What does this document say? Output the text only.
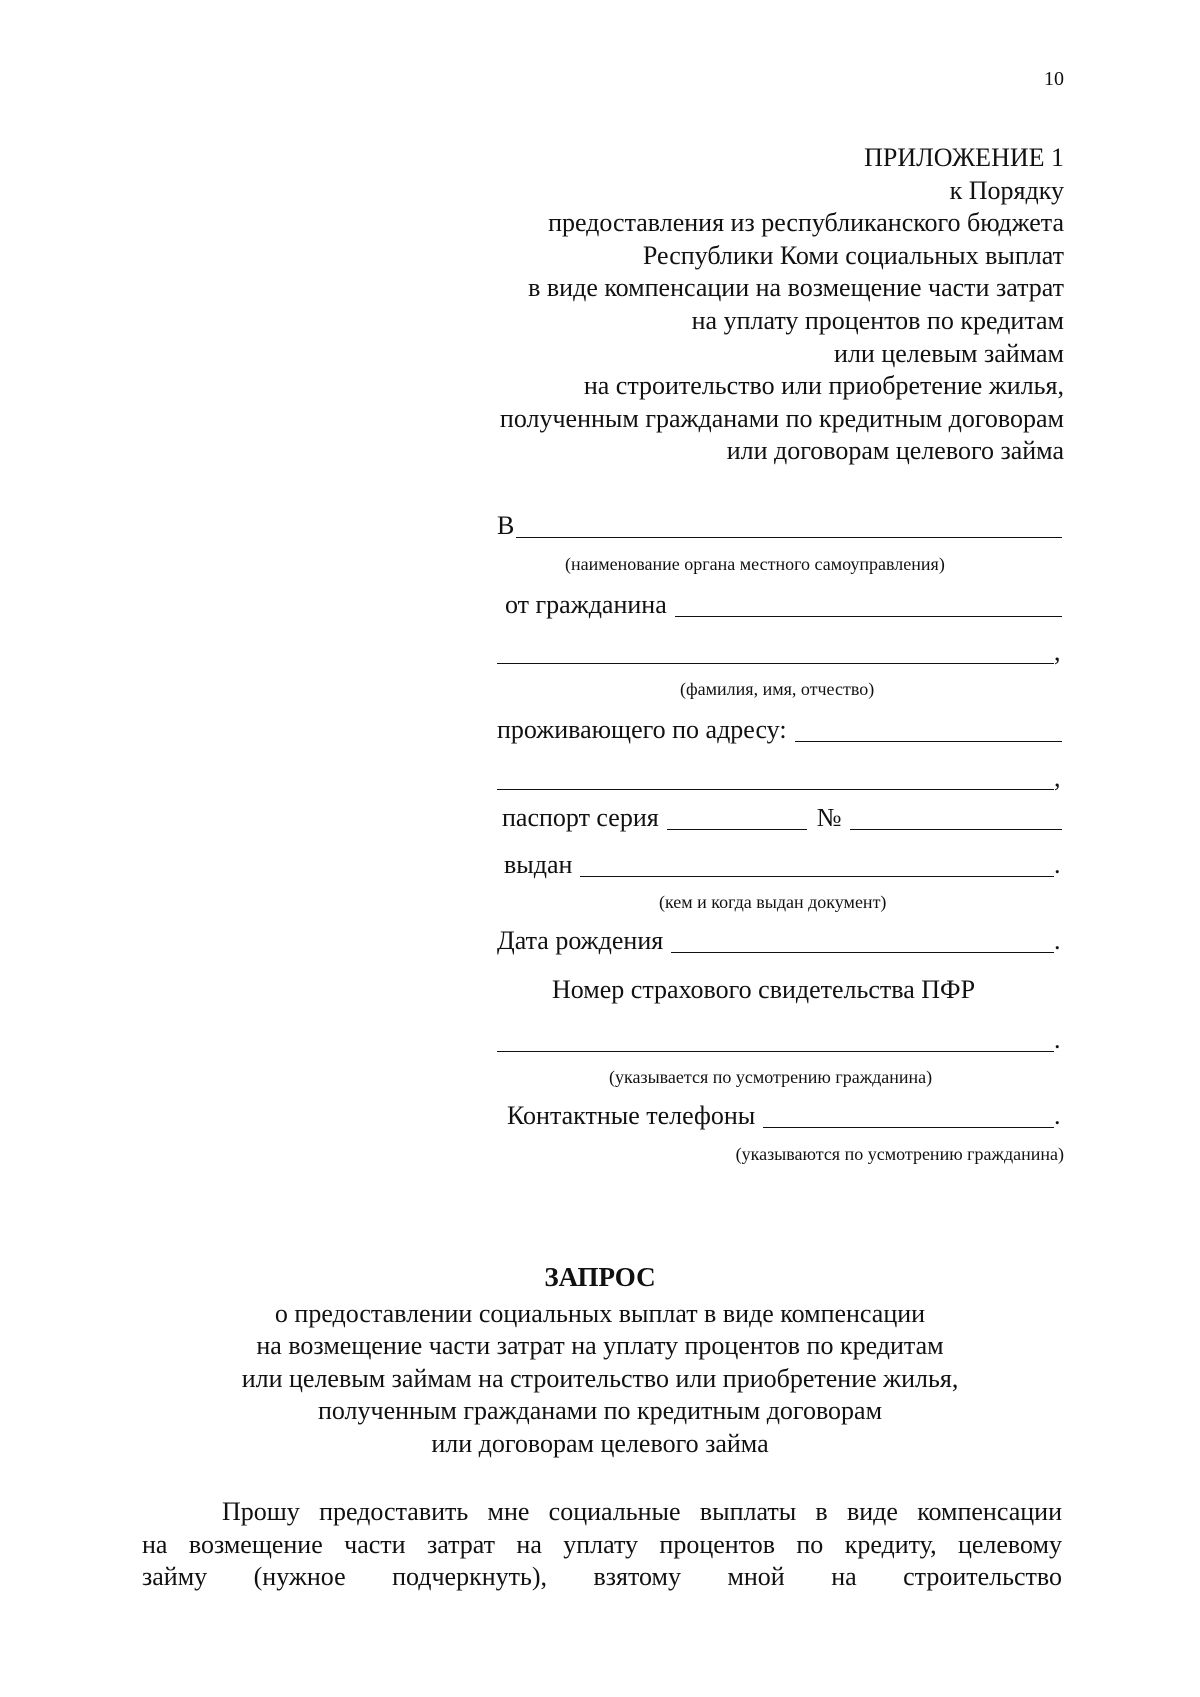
10
ПРИЛОЖЕНИЕ 1
к Порядку
предоставления из республиканского бюджета
Республики Коми социальных выплат
в виде компенсации на возмещение части затрат
на уплату процентов по кредитам
или целевым займам
на строительство или приобретение жилья,
полученным гражданами по кредитным договорам
или договорам целевого займа
В
(наименование органа местного самоуправления)
от гражданина
,
(фамилия, имя, отчество)
проживающего по адресу:
,
паспорт серия	№
выдан	.
(кем и когда выдан документ)
Дата рождения	.
Номер страхового свидетельства ПФР
.
(указывается по усмотрению гражданина)
Контактные телефоны	.
(указываются по усмотрению гражданина)
ЗАПРОС
о предоставлении социальных выплат в виде компенсации
на возмещение части затрат на уплату процентов по кредитам
или целевым займам на строительство или приобретение жилья,
полученным гражданами по кредитным договорам
или договорам целевого займа
Прошу предоставить мне социальные выплаты в виде компенсации
на возмещение части затрат на уплату процентов по кредиту, целевому
займу (нужное подчеркнуть), взятому мной на строительство
